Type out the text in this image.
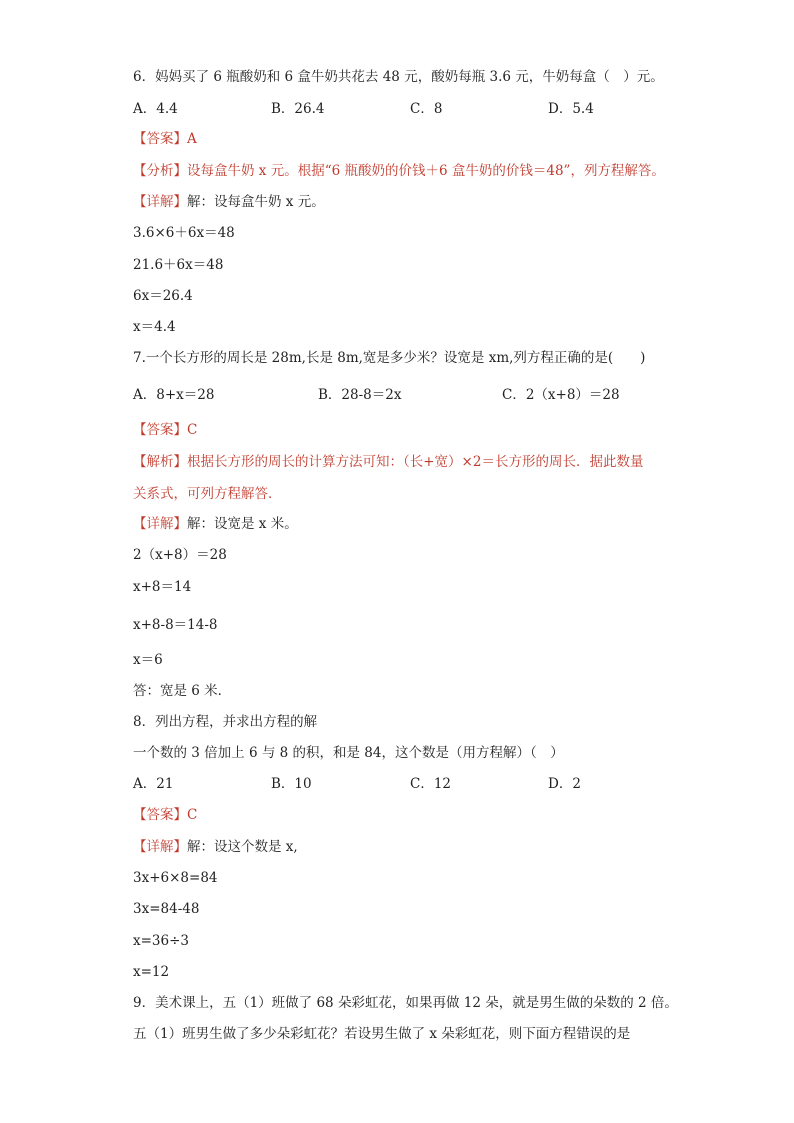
6．妈妈买了 6 瓶酸奶和 6 盒牛奶共花去 48 元，酸奶每瓶 3.6 元，牛奶每盒（　）元。
A．4.4	B．26.4	C．8	D．5.4
【答案】A
【分析】设每盒牛奶 x 元。根据“6 瓶酸奶的价钱＋6 盒牛奶的价钱＝48”，列方程解答。
【详解】解：设每盒牛奶 x 元。
3.6×6＋6x＝48
21.6＋6x＝48
6x＝26.4
x＝4.4
7.一个长方形的周长是 28m,长是 8m,宽是多少米？设宽是 xm,列方程正确的是(　　)
A．8+x＝28	B．28-8＝2x	C．2（x+8）＝28
【答案】C
【解析】根据长方形的周长的计算方法可知：（长+宽）×2＝长方形的周长．据此数量
关系式，可列方程解答．
【详解】解：设宽是 x 米。
2（x+8）＝28
x+8＝14
x+8-8＝14-8
x＝6
答：宽是 6 米．
8．列出方程，并求出方程的解
一个数的 3 倍加上 6 与 8 的积，和是 84，这个数是（用方程解）（　）
A．21	B．10	C．12	D．2
【答案】C
【详解】解：设这个数是 x,
3x+6×8=84
3x=84-48
x=36÷3
x=12
9．美术课上，五（1）班做了 68 朵彩虹花，如果再做 12 朵，就是男生做的朵数的 2 倍。
五（1）班男生做了多少朵彩虹花？若设男生做了 x 朵彩虹花，则下面方程错误的是
